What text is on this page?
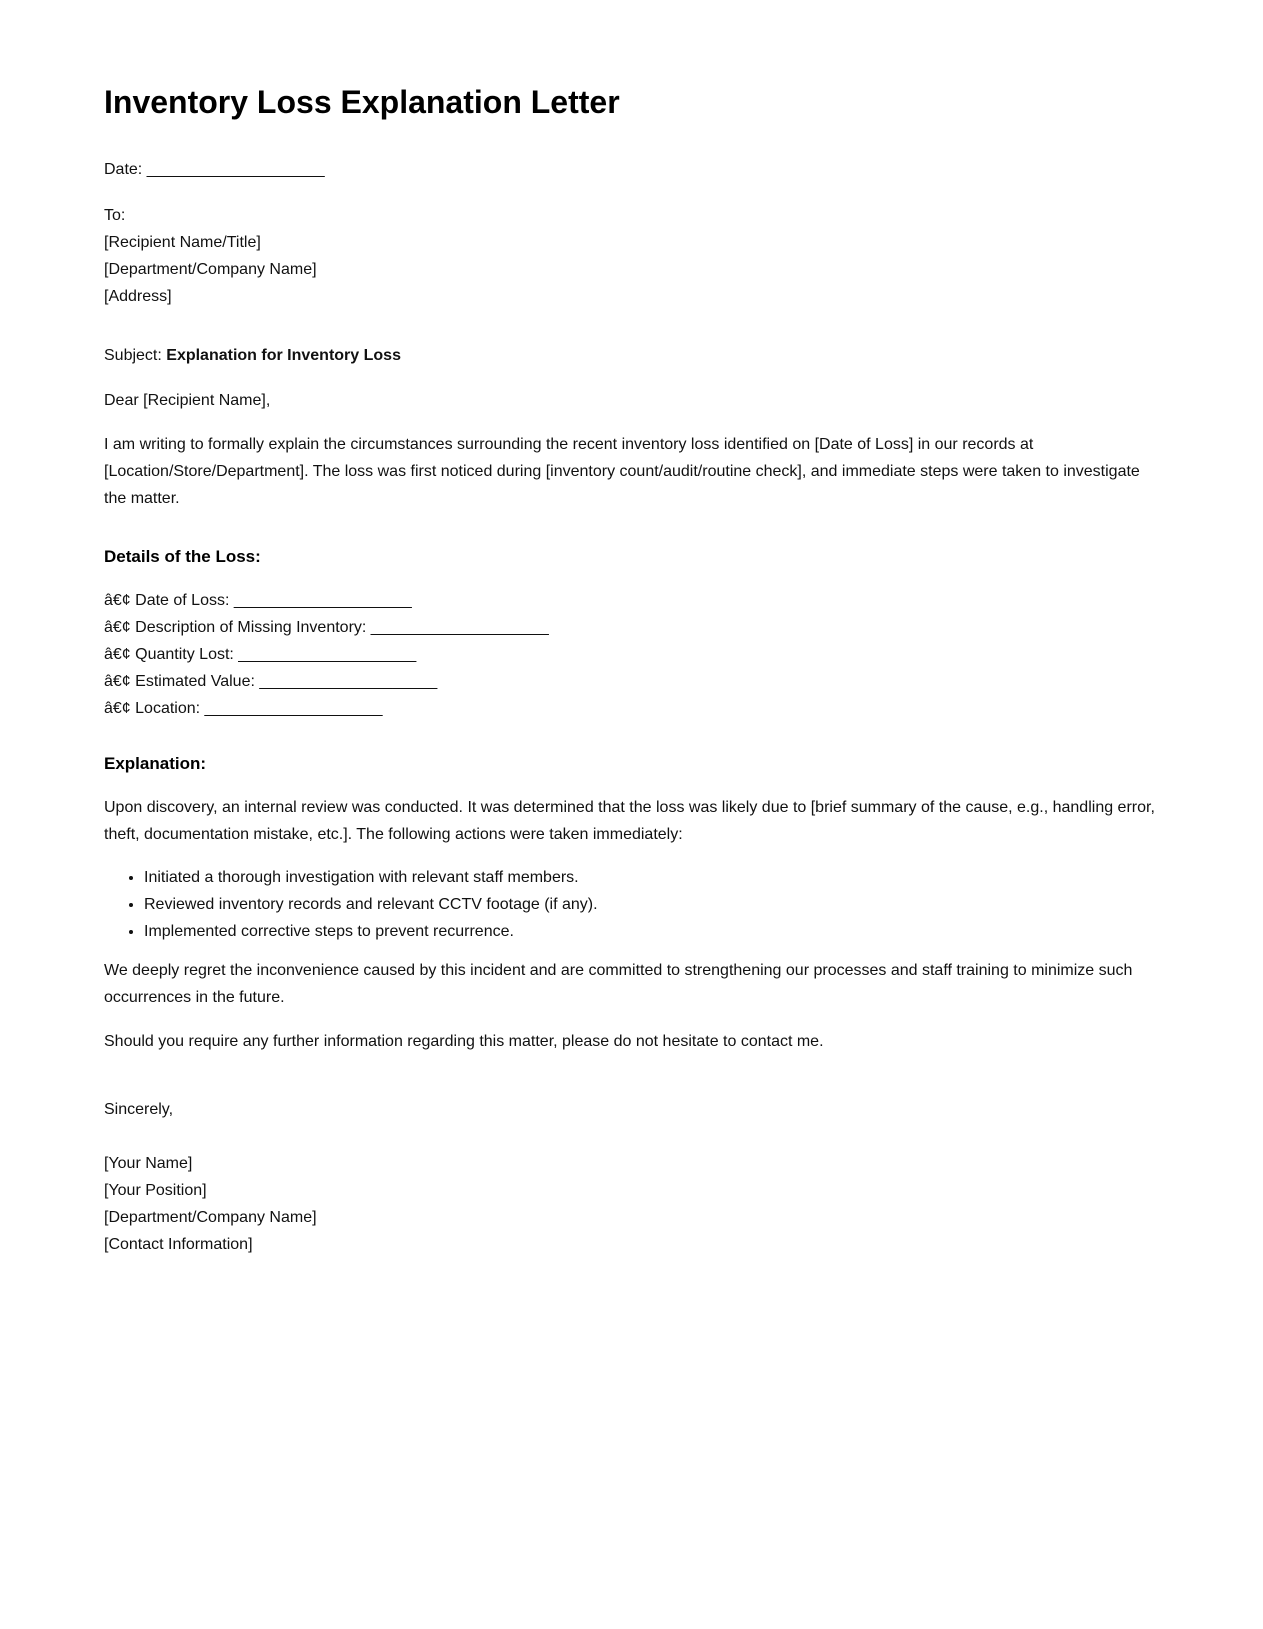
Inventory Loss Explanation Letter

Date: ____________________

To:
[Recipient Name/Title]
[Department/Company Name]
[Address]

Subject: Explanation for Inventory Loss

Dear [Recipient Name],

I am writing to formally explain the circumstances surrounding the recent inventory loss identified on [Date of Loss] in our records at [Location/Store/Department]. The loss was first noticed during [inventory count/audit/routine check], and immediate steps were taken to investigate the matter.

Details of the Loss:
â€¢ Date of Loss: ____________________
â€¢ Description of Missing Inventory: ____________________
â€¢ Quantity Lost: ____________________
â€¢ Estimated Value: ____________________
â€¢ Location: ____________________
Explanation:

Upon discovery, an internal review was conducted. It was determined that the loss was likely due to [brief summary of the cause, e.g., handling error, theft, documentation mistake, etc.]. The following actions were taken immediately:

• Initiated a thorough investigation with relevant staff members.
• Reviewed inventory records and relevant CCTV footage (if any).
• Implemented corrective steps to prevent recurrence.

We deeply regret the inconvenience caused by this incident and are committed to strengthening our processes and staff training to minimize such occurrences in the future.

Should you require any further information regarding this matter, please do not hesitate to contact me.

Sincerely,

[Your Name]
[Your Position]
[Department/Company Name]
[Contact Information]
